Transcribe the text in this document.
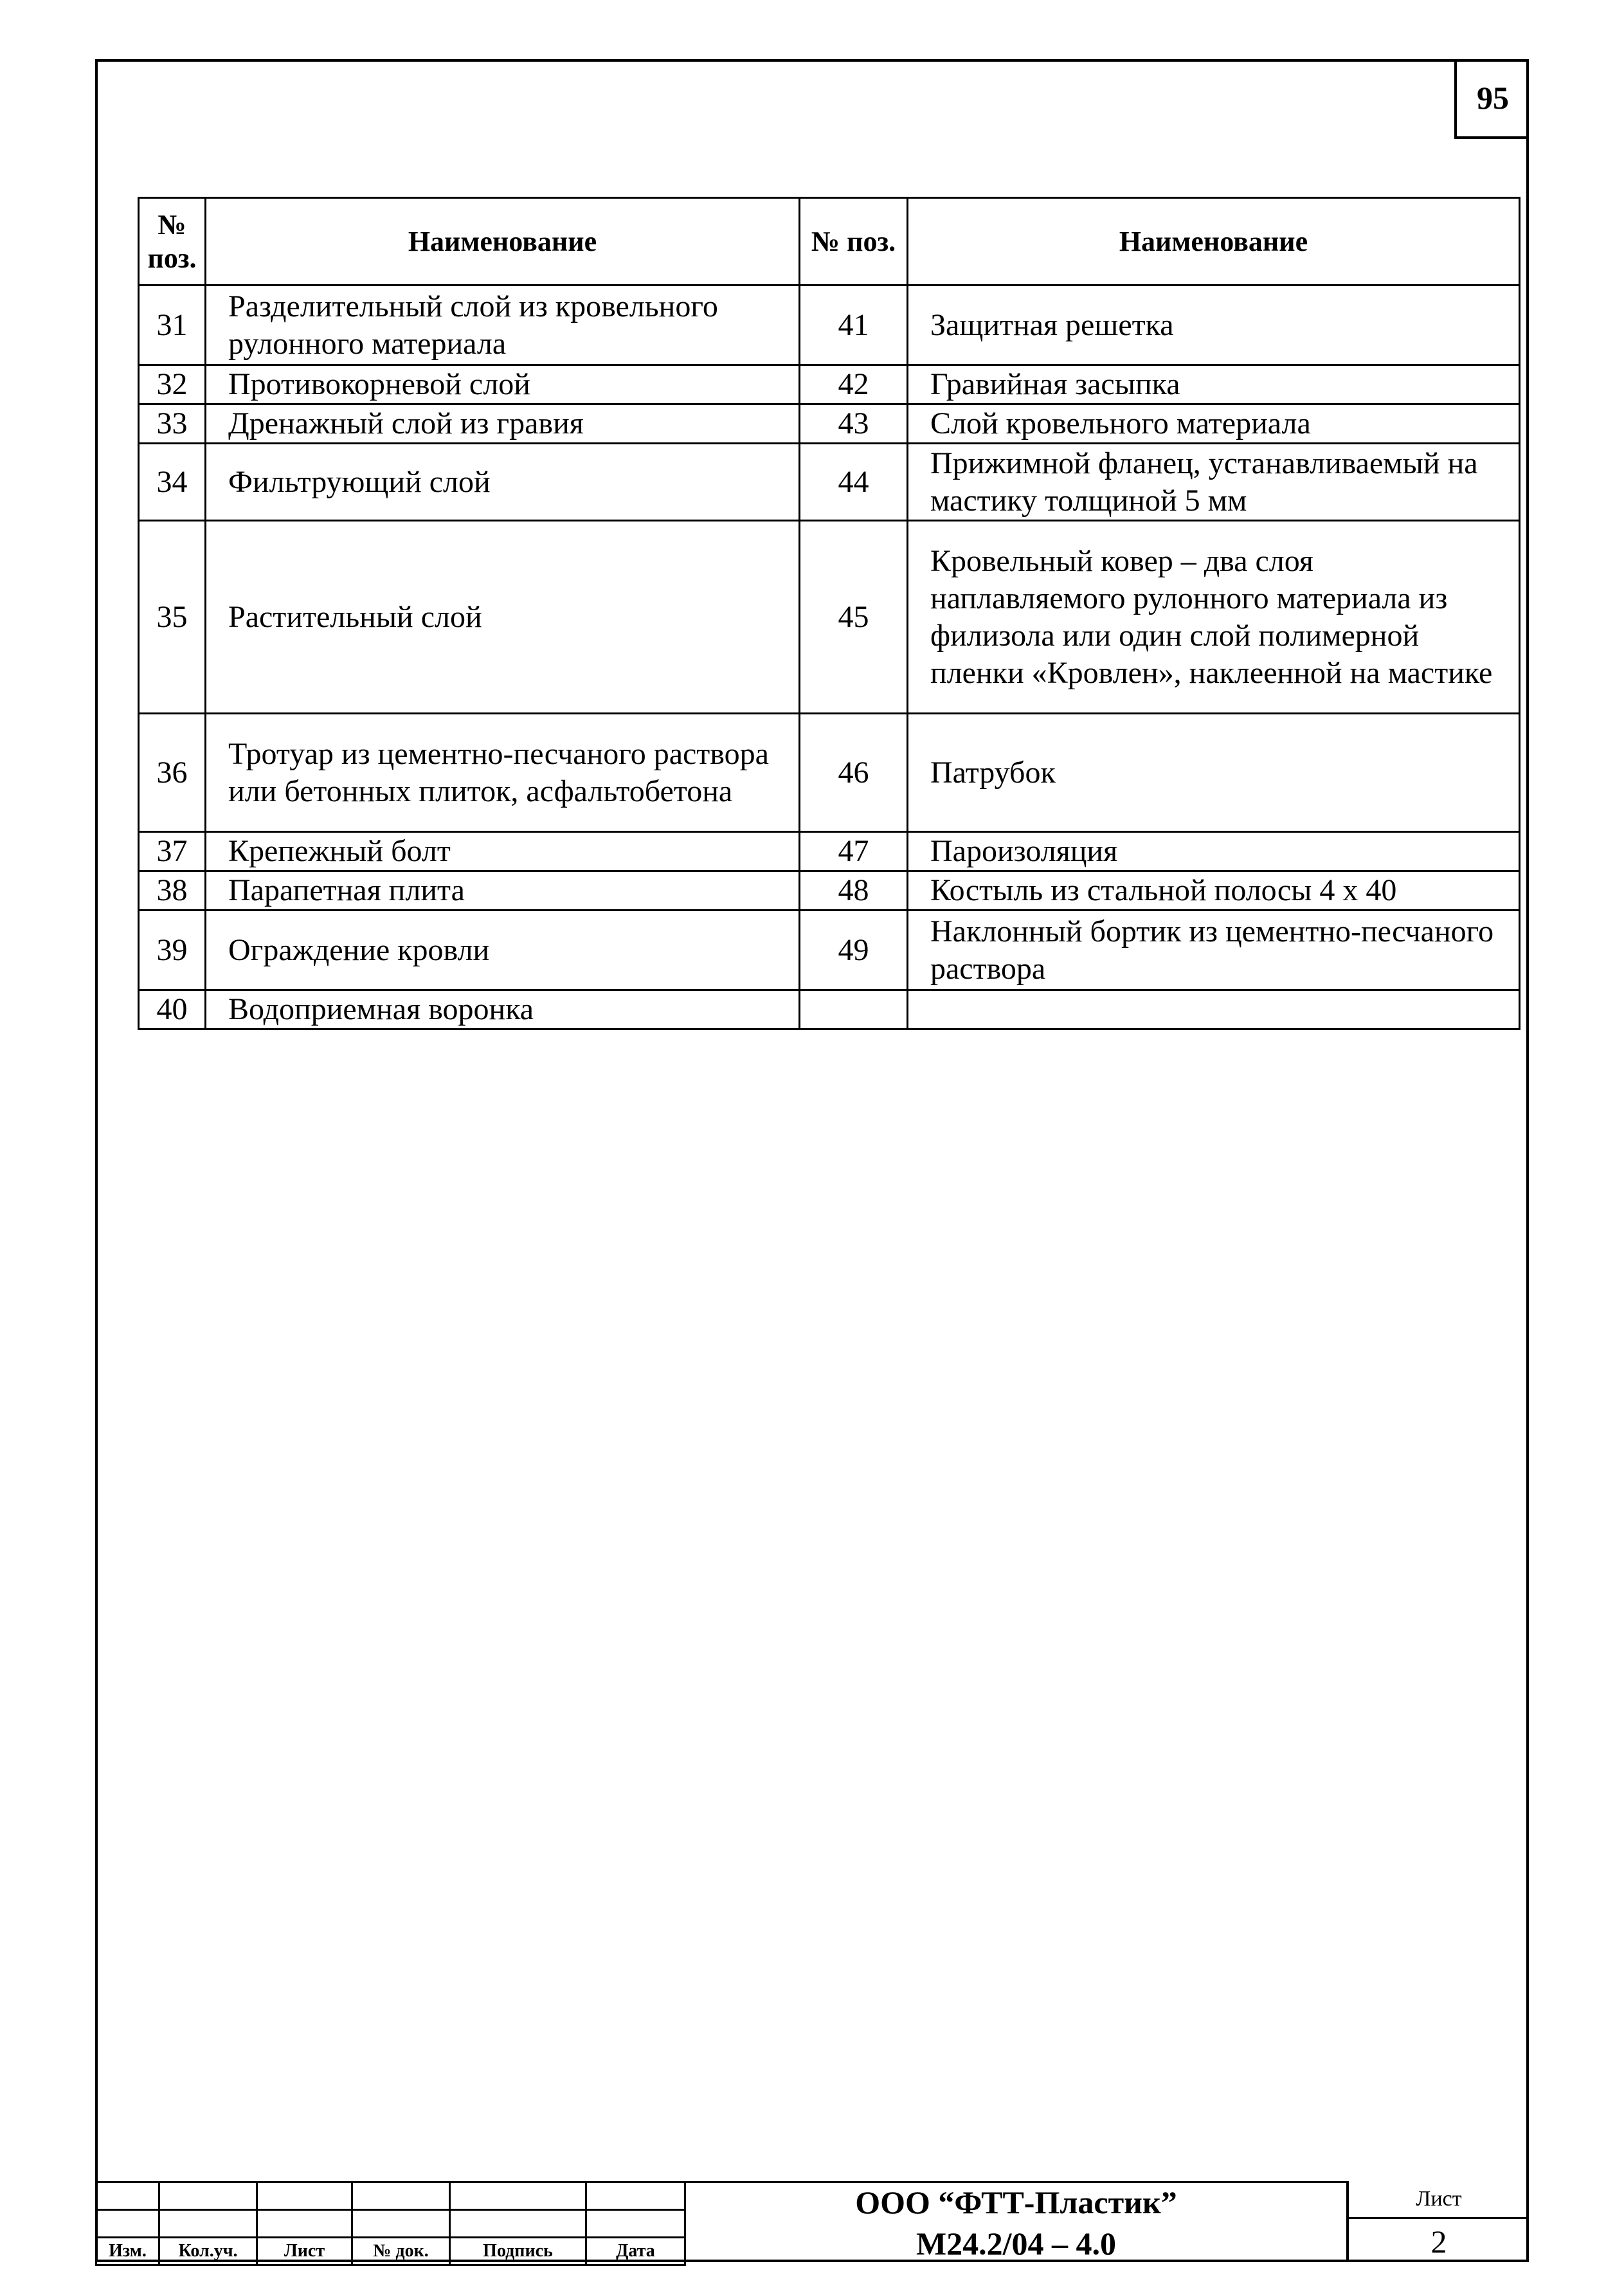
95
№ поз.	Наименование	№ поз.	Наименование
31	Разделительный слой из кровельного рулонного материала	41	Защитная решетка
32	Противокорневой слой	42	Гравийная засыпка
33	Дренажный слой из гравия	43	Слой кровельного материала
34	Фильтрующий слой	44	Прижимной фланец, устанавливаемый на мастику толщиной 5 мм
35	Растительный слой	45	Кровельный ковер – два слоя наплавляемого рулонного материала из филизола или один слой полимерной пленки «Кровлен», наклеенной на мастике
36	Тротуар из цементно-песчаного раствора или бетонных плиток, асфальтобетона	46	Патрубок
37	Крепежный болт	47	Пароизоляция
38	Парапетная плита	48	Костыль из стальной полосы 4 х 40
39	Ограждение кровли	49	Наклонный бортик из цементно-песчаного раствора
40	Водоприемная воронка		

Изм.	Кол.уч.	Лист	№ док.	Подпись	Дата
ООО “ФТТ-Пластик”
М24.2/04 – 4.0
Лист
2
